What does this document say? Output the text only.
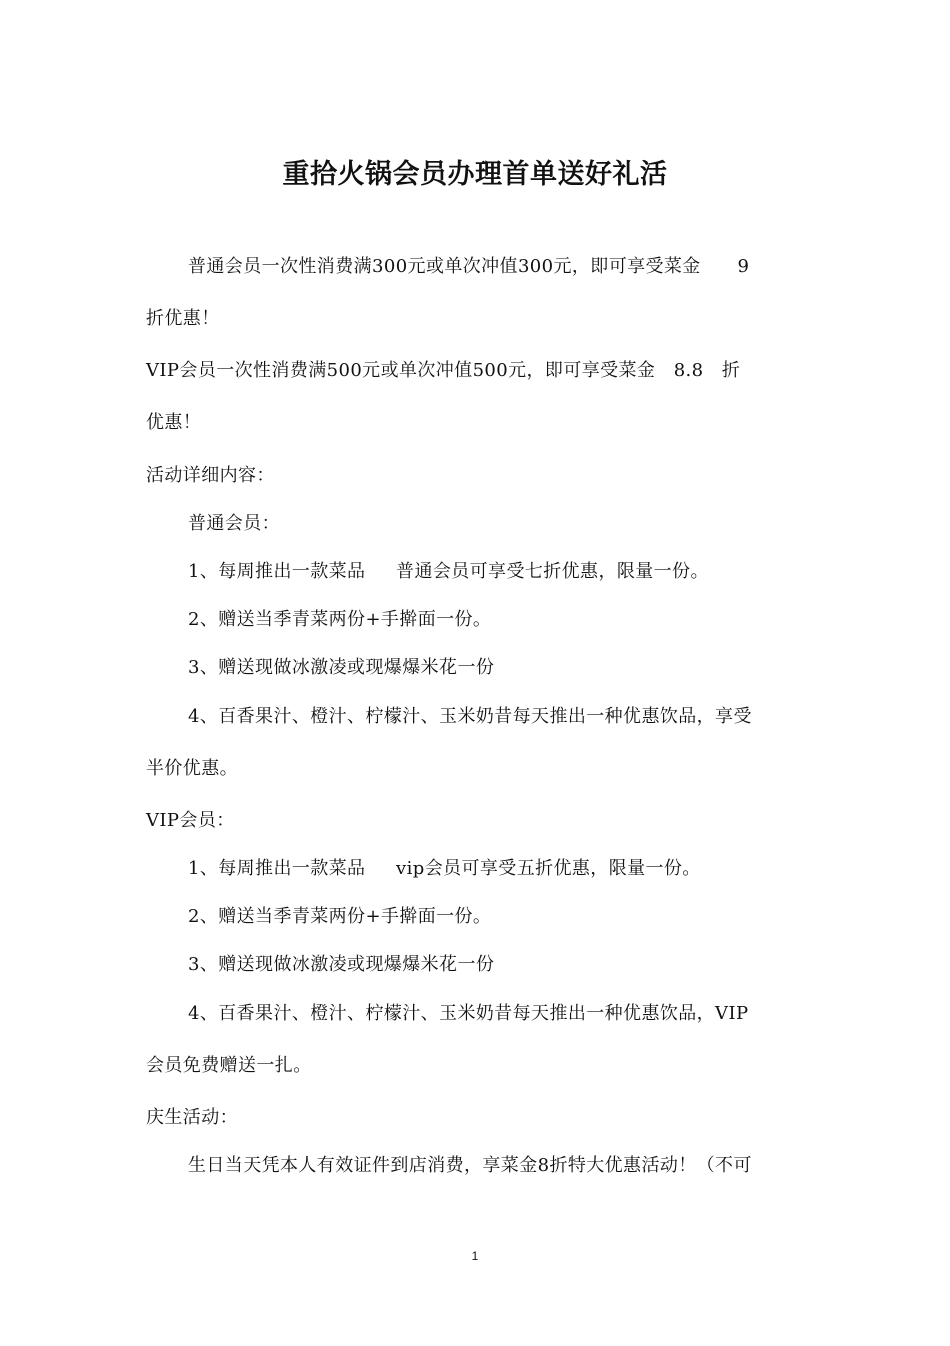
重拾火锅会员办理首单送好礼活
普通会员一次性消费满300元或单次冲值300元，即可享受菜金      9
折优惠！
VIP会员一次性消费满500元或单次冲值500元，即可享受菜金   8.8   折
优惠！
活动详细内容：
普通会员：
1、每周推出一款菜品     普通会员可享受七折优惠，限量一份。
2、赠送当季青菜两份+手擀面一份。
3、赠送现做冰激凌或现爆爆米花一份
4、百香果汁、橙汁、柠檬汁、玉米奶昔每天推出一种优惠饮品，享受
半价优惠。
VIP会员：
1、每周推出一款菜品     vip会员可享受五折优惠，限量一份。
2、赠送当季青菜两份+手擀面一份。
3、赠送现做冰激凌或现爆爆米花一份
4、百香果汁、橙汁、柠檬汁、玉米奶昔每天推出一种优惠饮品，VIP
会员免费赠送一扎。
庆生活动：
生日当天凭本人有效证件到店消费，享菜金8折特大优惠活动！（不可
1
